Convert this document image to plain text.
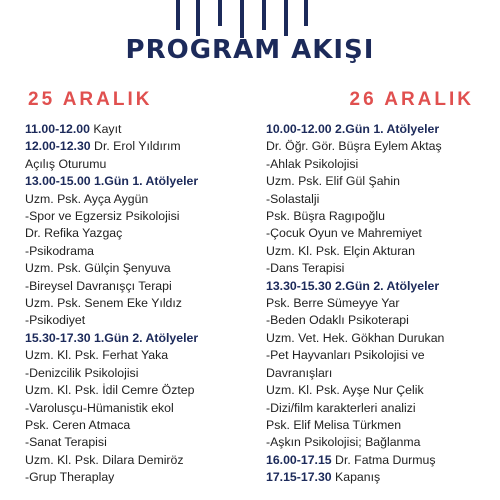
PROGRAM AKIŞI
25 ARALIK	26 ARALIK
11.00-12.00 Kayıt
12.00-12.30 Dr. Erol Yıldırım
Açılış Oturumu
13.00-15.00 1.Gün 1. Atölyeler
Uzm. Psk. Ayça Aygün
-Spor ve Egzersiz Psikolojisi
Dr. Refika Yazgaç
-Psikodrama
Uzm. Psk. Gülçin Şenyuva
-Bireysel Davranışçı Terapi
Uzm. Psk. Senem Eke Yıldız
-Psikodiyet
15.30-17.30 1.Gün 2. Atölyeler
Uzm. Kl. Psk. Ferhat Yaka
-Denizcilik Psikolojisi
Uzm. Kl. Psk. İdil Cemre Öztep
-Varolusçu-Hümanistik ekol
Psk. Ceren Atmaca
-Sanat Terapisi
Uzm. Kl. Psk. Dilara Demiröz
-Grup Theraplay
10.00-12.00 2.Gün 1. Atölyeler
Dr. Öğr. Gör. Büşra Eylem Aktaş
-Ahlak Psikolojisi
Uzm. Psk. Elif Gül Şahin
-Solastalji
Psk. Büşra Ragıpoğlu
-Çocuk Oyun ve Mahremiyet
Uzm. Kl. Psk. Elçin Akturan
-Dans Terapisi
13.30-15.30 2.Gün 2. Atölyeler
Psk. Berre Sümeyye Yar
-Beden Odaklı Psikoterapi
Uzm. Vet. Hek. Gökhan Durukan
-Pet Hayvanları Psikolojisi ve
Davranışları
Uzm. Kl. Psk. Ayşe Nur Çelik
-Dizi/film karakterleri analizi
Psk. Elif Melisa Türkmen
-Aşkın Psikolojisi; Bağlanma
16.00-17.15 Dr. Fatma Durmuş
17.15-17.30 Kapanış
